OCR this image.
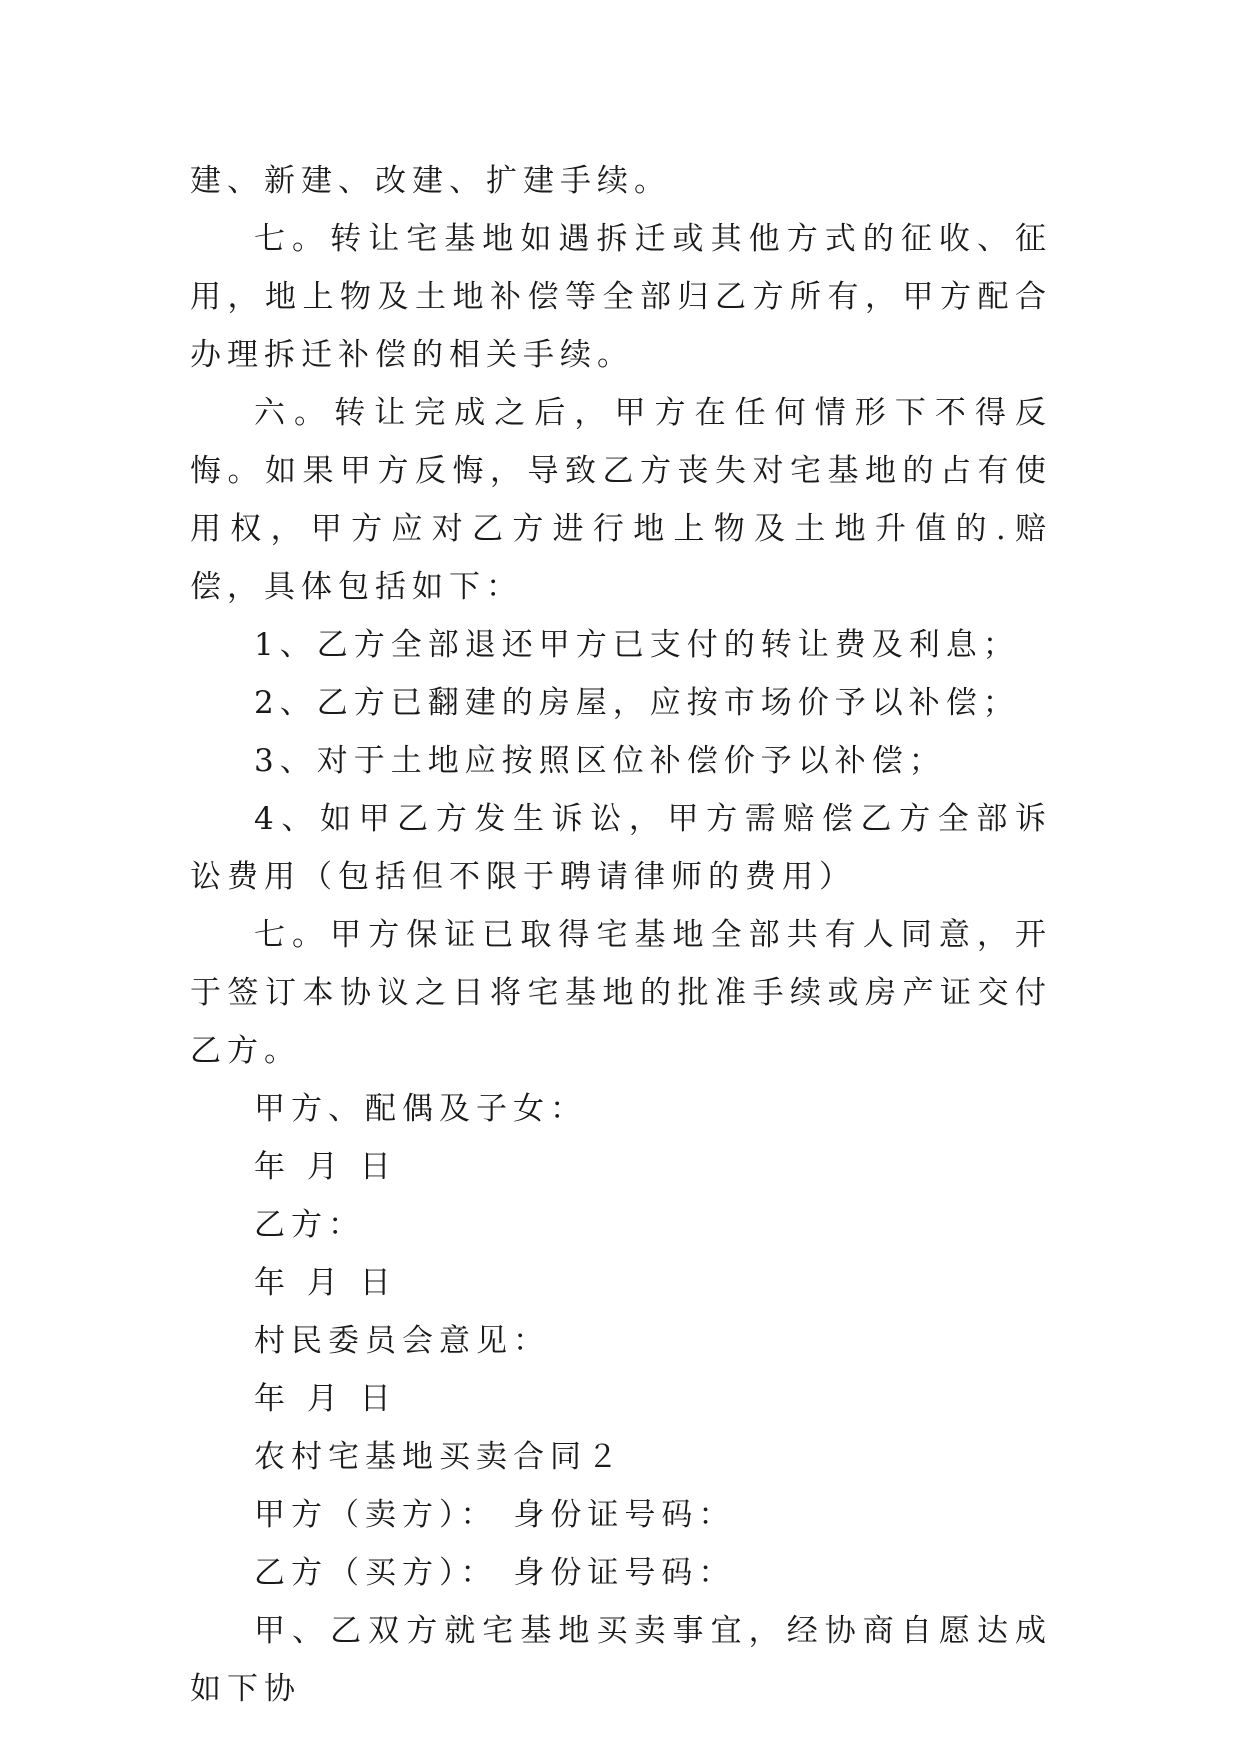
建、新建、改建、扩建手续。

七。转让宅基地如遇拆迁或其他方式的征收、征用，地上物及土地补偿等全部归乙方所有，甲方配合办理拆迁补偿的相关手续。

六。转让完成之后，甲方在任何情形下不得反悔。如果甲方反悔，导致乙方丧失对宅基地的占有使用权，甲方应对乙方进行地上物及土地升值的.赔偿，具体包括如下：

1、乙方全部退还甲方已支付的转让费及利息；

2、乙方已翻建的房屋，应按市场价予以补偿；

3、对于土地应按照区位补偿价予以补偿；

4、如甲乙方发生诉讼，甲方需赔偿乙方全部诉讼费用（包括但不限于聘请律师的费用）

七。甲方保证已取得宅基地全部共有人同意，开于签订本协议之日将宅基地的批准手续或房产证交付乙方。

甲方、配偶及子女：

年 月 日

乙方：

年 月 日

村民委员会意见：

年 月 日

农村宅基地买卖合同２

甲方（卖方）： 身份证号码：

乙方（买方）： 身份证号码：

甲、乙双方就宅基地买卖事宜，经协商自愿达成如下协
